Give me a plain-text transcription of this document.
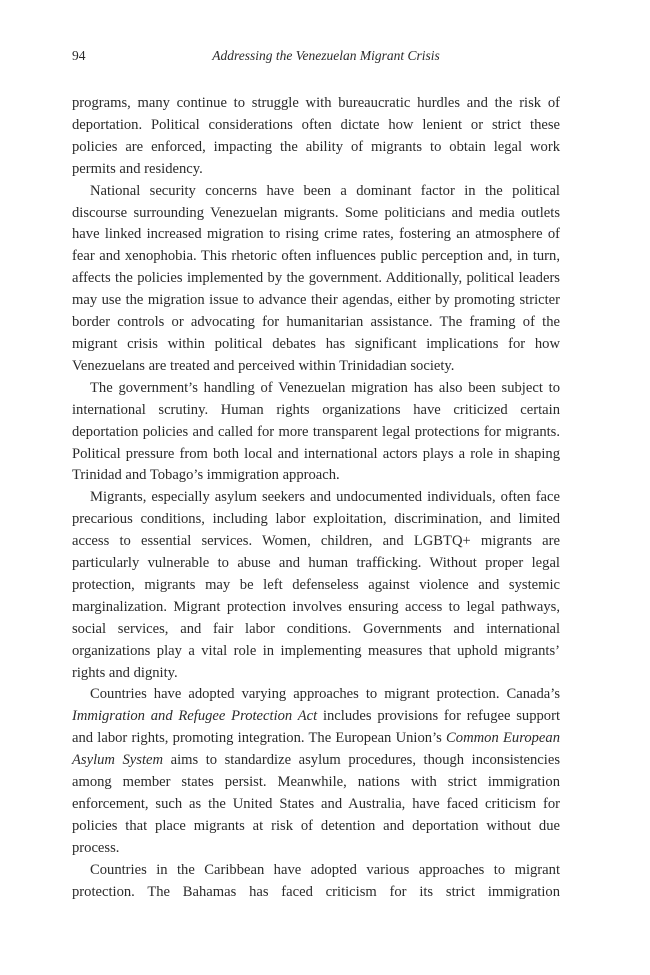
94	Addressing the Venezuelan Migrant Crisis

programs, many continue to struggle with bureaucratic hurdles and the risk of deportation. Political considerations often dictate how lenient or strict these policies are enforced, impacting the ability of migrants to obtain legal work permits and residency.

National security concerns have been a dominant factor in the political discourse surrounding Venezuelan migrants. Some politicians and media outlets have linked increased migration to rising crime rates, fostering an atmosphere of fear and xenophobia. This rhetoric often influences public perception and, in turn, affects the policies implemented by the government. Additionally, political leaders may use the migration issue to advance their agendas, either by promoting stricter border controls or advocating for humanitarian assistance. The framing of the migrant crisis within political debates has significant implications for how Venezuelans are treated and perceived within Trinidadian society.

The government’s handling of Venezuelan migration has also been subject to international scrutiny. Human rights organizations have criticized certain deportation policies and called for more transparent legal protections for migrants. Political pressure from both local and international actors plays a role in shaping Trinidad and Tobago’s immigration approach.

Migrants, especially asylum seekers and undocumented individuals, often face precarious conditions, including labor exploitation, discrimination, and limited access to essential services. Women, children, and LGBTQ+ migrants are particularly vulnerable to abuse and human trafficking. Without proper legal protection, migrants may be left defenseless against violence and systemic marginalization. Migrant protection involves ensuring access to legal pathways, social services, and fair labor conditions. Governments and international organizations play a vital role in implementing measures that uphold migrants’ rights and dignity.

Countries have adopted varying approaches to migrant protection. Canada’s Immigration and Refugee Protection Act includes provisions for refugee support and labor rights, promoting integration. The European Union’s Common European Asylum System aims to standardize asylum procedures, though inconsistencies among member states persist. Meanwhile, nations with strict immigration enforcement, such as the United States and Australia, have faced criticism for policies that place migrants at risk of detention and deportation without due process.

Countries in the Caribbean have adopted various approaches to migrant protection. The Bahamas has faced criticism for its strict immigration
